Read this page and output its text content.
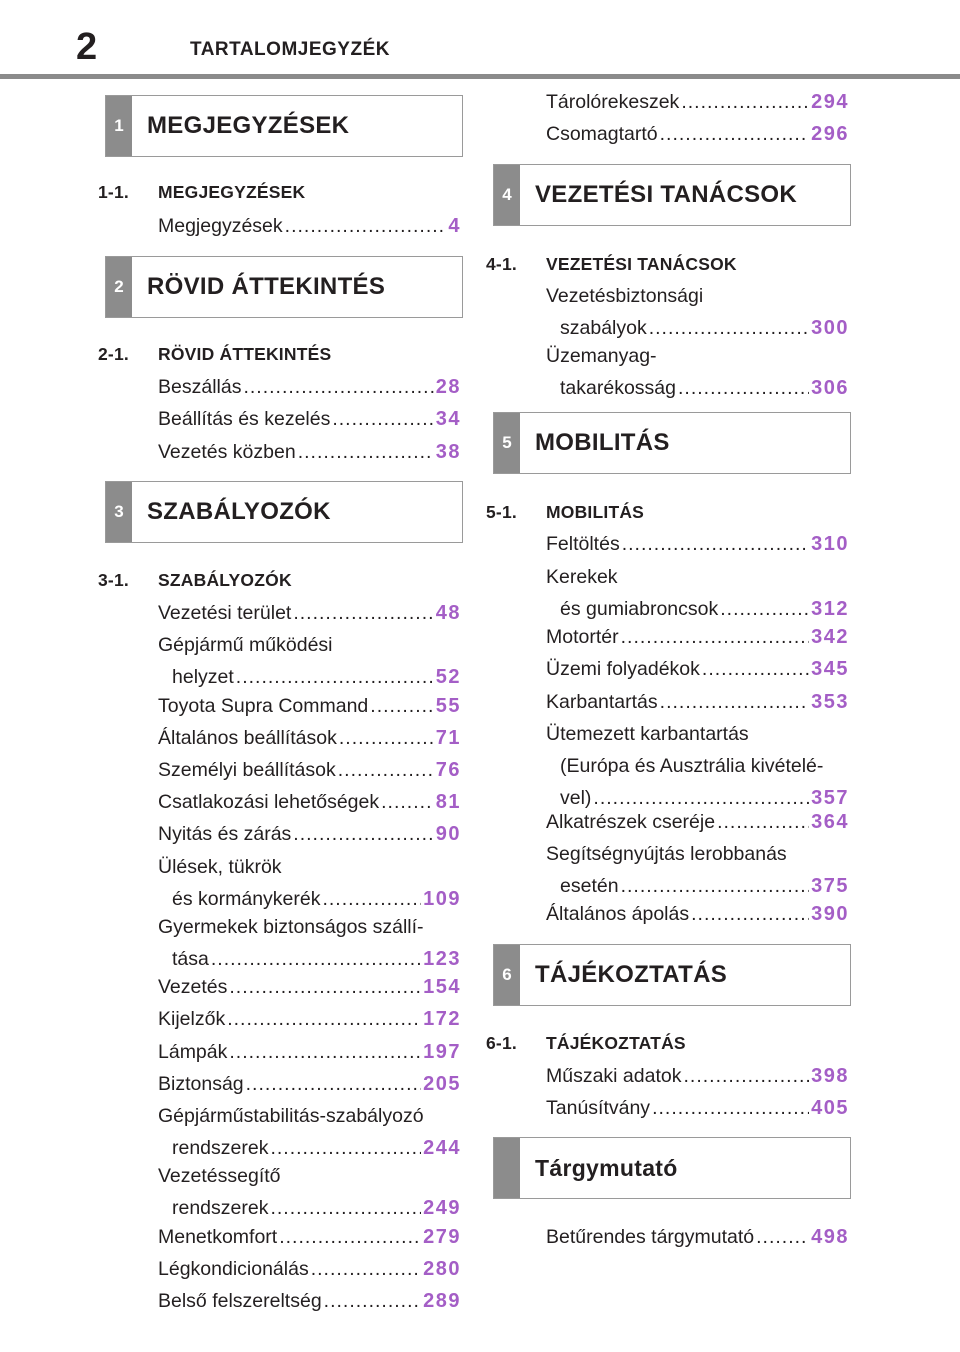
2	TARTALOMJEGYZÉK
1 MEGJEGYZÉSEK
1-1. MEGJEGYZÉSEK
Megjegyzések .....	4
2 RÖVID ÁTTEKINTÉS
2-1. RÖVID ÁTTEKINTÉS
Beszállás .....	28
Beállítás és kezelés .....	34
Vezetés közben .....	38
3 SZABÁLYOZÓK
3-1. SZABÁLYOZÓK
Vezetési terület .....	48
Gépjármű működési
helyzet .....	52
Toyota Supra Command .....	55
Általános beállítások .....	71
Személyi beállítások .....	76
Csatlakozási lehetőségek .....	81
Nyitás és zárás .....	90
Ülések, tükrök
és kormánykerék .....	109
Gyermekek biztonságos szállí-
tása .....	123
Vezetés .....	154
Kijelzők .....	172
Lámpák .....	197
Biztonság .....	205
Gépjárműstabilitás-szabályozó
rendszerek .....	244
Vezetéssegítő
rendszerek .....	249
Menetkomfort .....	279
Légkondicionálás .....	280
Belső felszereltség .....	289
Tárolórekeszek .....	294
Csomagtartó .....	296
4 VEZETÉSI TANÁCSOK
4-1. VEZETÉSI TANÁCSOK
Vezetésbiztonsági
szabályok .....	300
Üzemanyag-
takarékosság .....	306
5 MOBILITÁS
5-1. MOBILITÁS
Feltöltés .....	310
Kerekek
és gumiabroncsok .....	312
Motortér .....	342
Üzemi folyadékok .....	345
Karbantartás .....	353
Ütemezett karbantartás
(Európa és Ausztrália kivételé-
vel) .....	357
Alkatrészek cseréje .....	364
Segítségnyújtás lerobbanás
esetén .....	375
Általános ápolás .....	390
6 TÁJÉKOZTATÁS
6-1. TÁJÉKOZTATÁS
Műszaki adatok .....	398
Tanúsítvány .....	405
Tárgymutató
Betűrendes tárgymutató .....	498
